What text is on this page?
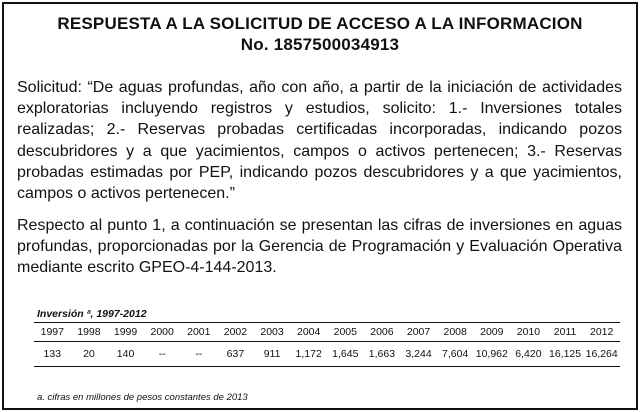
RESPUESTA A LA SOLICITUD DE ACCESO A LA INFORMACION
No. 1857500034913
Solicitud: “De aguas profundas, año con año, a partir de la iniciación de actividades exploratorias incluyendo registros y estudios, solicito: 1.- Inversiones totales realizadas; 2.- Reservas probadas certificadas incorporadas, indicando pozos descubridores y a que yacimientos, campos o activos pertenecen; 3.- Reservas probadas estimadas por PEP, indicando pozos descubridores y a que yacimientos, campos o activos pertenecen.”
Respecto al punto 1, a continuación se presentan las cifras de inversiones en aguas profundas, proporcionadas por la Gerencia de Programación y Evaluación Operativa mediante escrito GPEO-4-144-2013.
Inversión ª, 1997-2012
1997	1998	1999	2000	2001	2002	2003	2004	2005	2006	2007	2008	2009	2010	2011	2012
133	20	140	--	--	637	911	1,172	1,645	1,663	3,244	7,604	10,962	6,420	16,125	16,264
a. cifras en millones de pesos constantes de 2013
